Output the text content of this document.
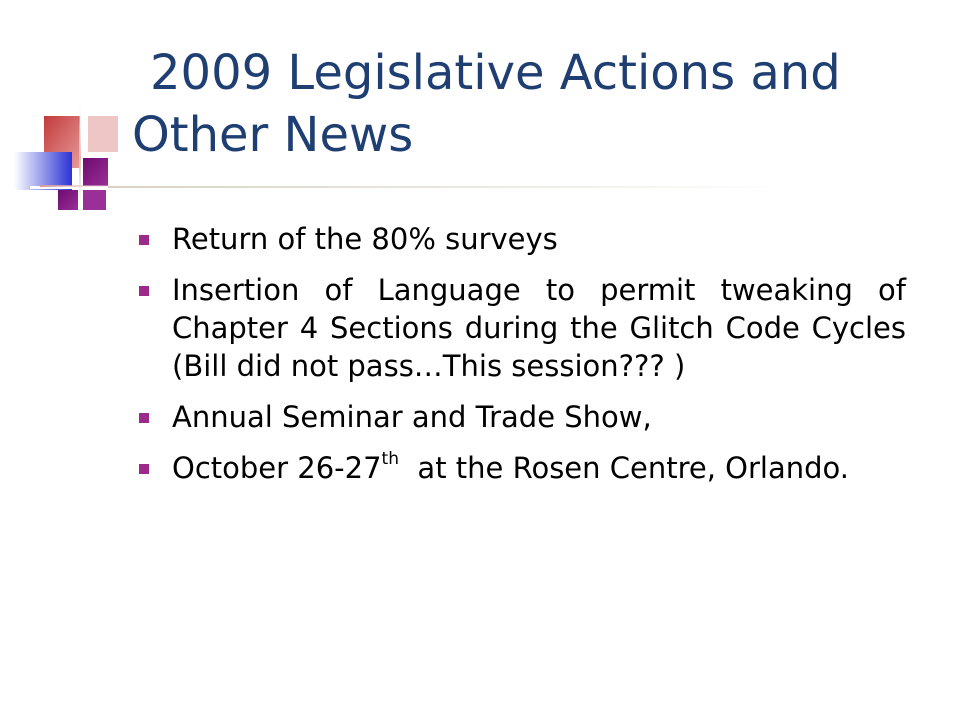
2009 Legislative Actions and
Other News
Return of the 80% surveys
Insertion of Language to permit tweaking of Chapter 4 Sections during the Glitch Code Cycles (Bill did not pass…This session??? )
Annual Seminar and Trade Show,
October 26-27th  at the Rosen Centre, Orlando.
